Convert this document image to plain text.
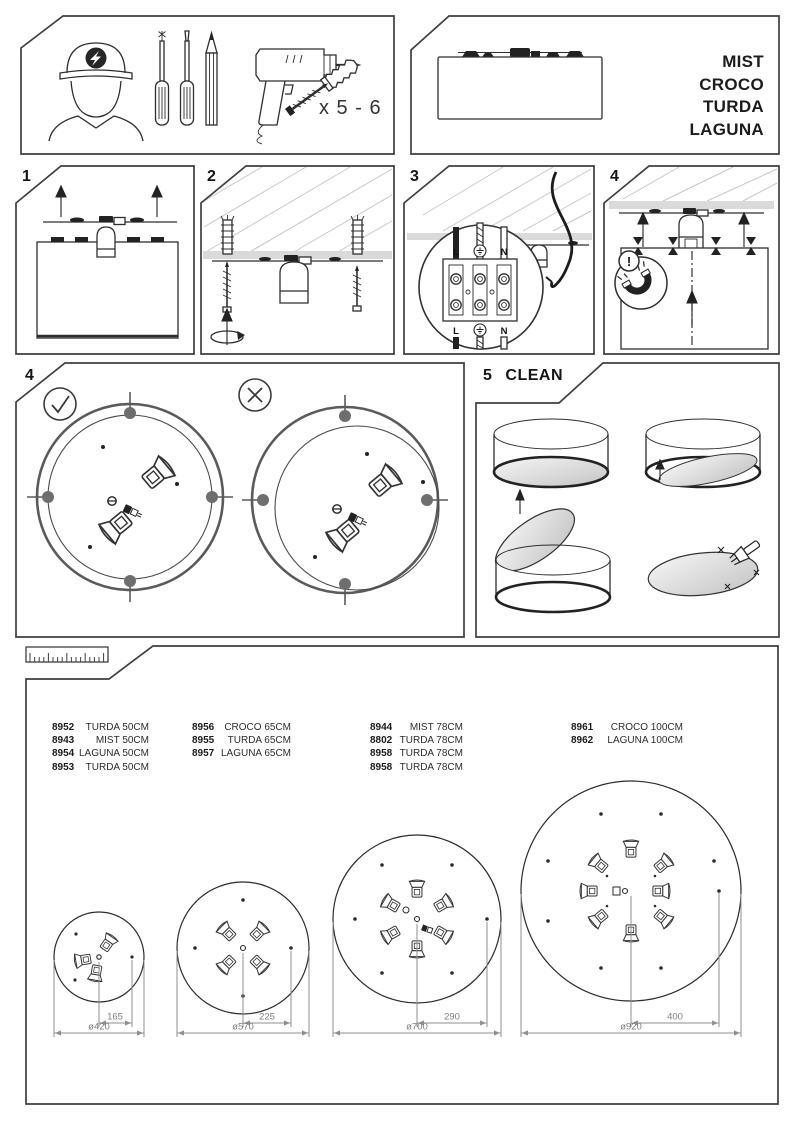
x 5 - 6
MIST
CROCO
TURDA
LAGUNA
1	2
L	N
L	N
3
!
4
4	5 CLEAN
165
ø420
225
ø570
290
ø700
400
ø920
8952 TURDA 50CM
8943 MIST 50CM
8954 LAGUNA 50CM
8953 TURDA 50CM
8956 CROCO 65CM
8955 TURDA 65CM
8957 LAGUNA 65CM
8944 MIST 78CM
8802 TURDA 78CM
8958 TURDA 78CM
8958 TURDA 78CM
8961 CROCO 100CM
8962 LAGUNA 100CM
